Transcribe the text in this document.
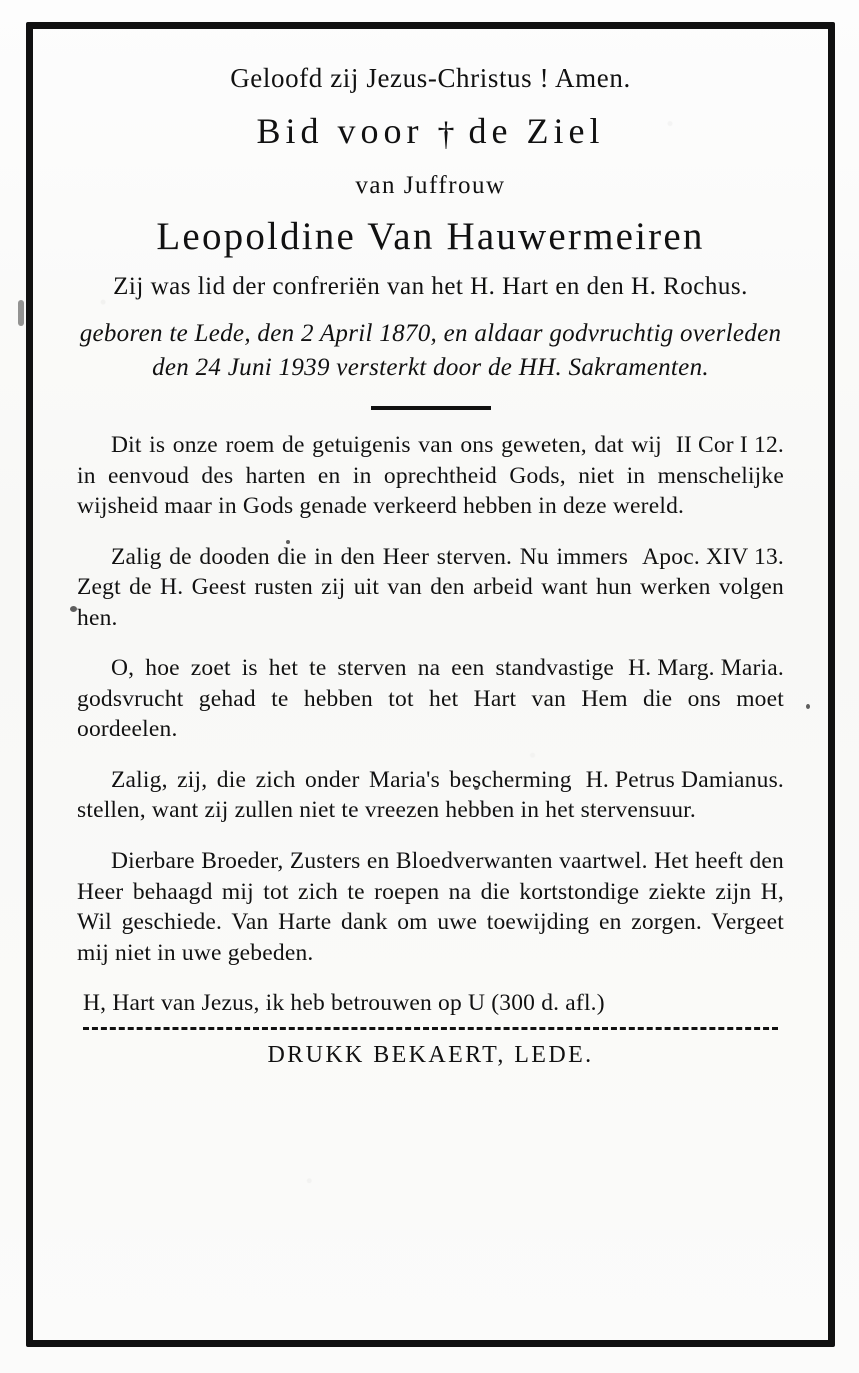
Geloofd zij Jezus-Christus ! Amen.

Bid voor † de Ziel

van Juffrouw

Leopoldine Van Hauwermeiren

Zij was lid der confreriën van het H. Hart en den H. Rochus.

geboren te Lede, den 2 April 1870, en aldaar godvruchtig overleden den 24 Juni 1939 versterkt door de HH. Sakramenten.

II Cor I 12.
Dit is onze roem de getuigenis van ons geweten, dat wij in eenvoud des harten en in oprechtheid Gods, niet in menschelijke wijsheid maar in Gods genade verkeerd hebben in deze wereld.

Apoc. XIV 13.
Zalig de dooden die in den Heer sterven. Nu immers Zegt de H. Geest rusten zij uit van den arbeid want hun werken volgen hen.

H. Marg. Maria.
O, hoe zoet is het te sterven na een standvastige godsvrucht gehad te hebben tot het Hart van Hem die ons moet oordeelen.

H. Petrus Damianus.
Zalig, zij, die zich onder Maria's bescherming stellen, want zij zullen niet te vreezen hebben in het stervensuur.

Dierbare Broeder, Zusters en Bloedverwanten vaartwel. Het heeft den Heer behaagd mij tot zich te roepen na die kortstondige ziekte zijn H, Wil geschiede. Van Harte dank om uwe toewijding en zorgen. Vergeet mij niet in uwe gebeden.

H, Hart van Jezus, ik heb betrouwen op U (300 d. afl.)

DRUKK BEKAERT, LEDE.
